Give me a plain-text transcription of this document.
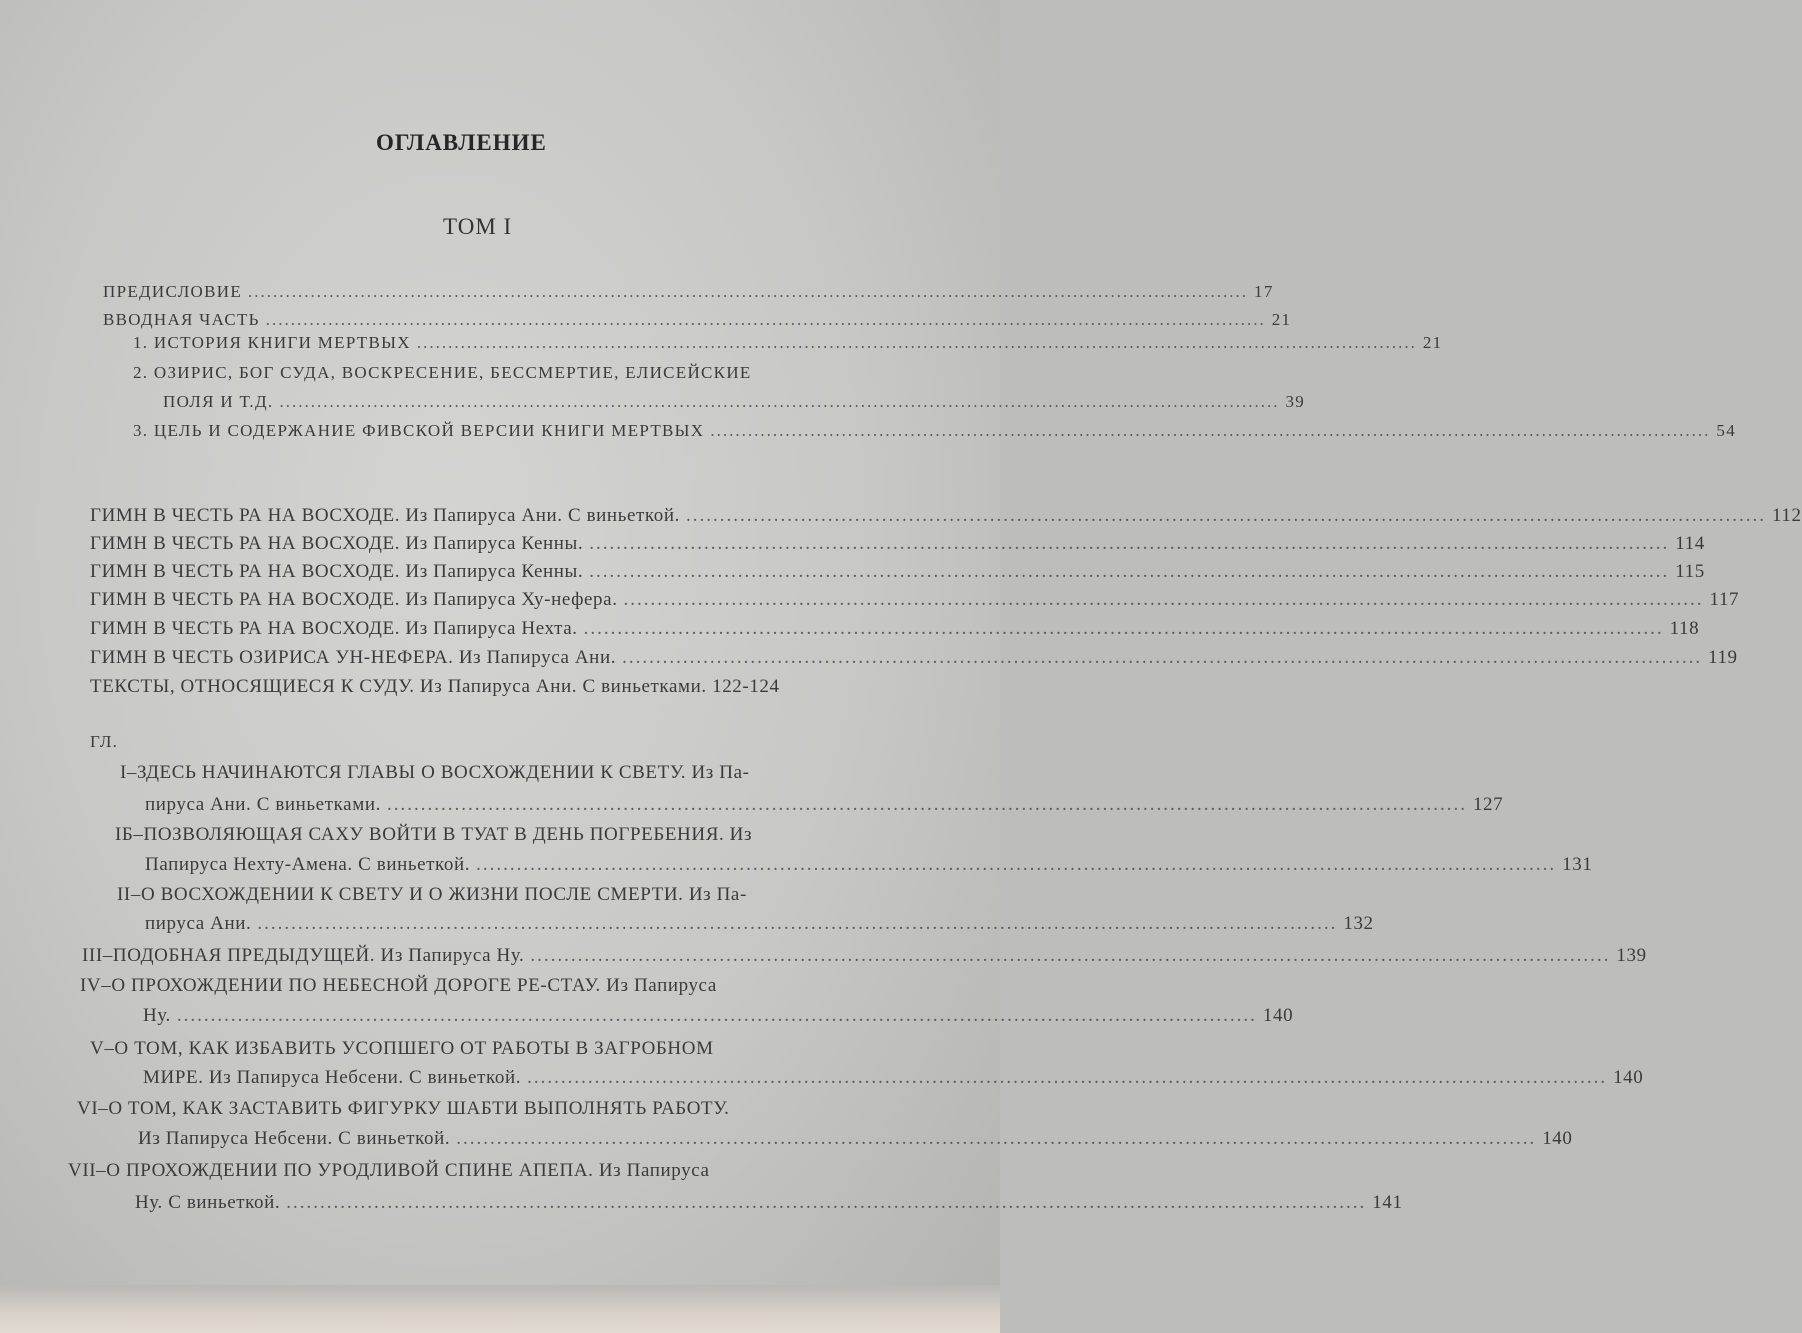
ОГЛАВЛЕНИЕ
ТОМ I
ПРЕДИСЛОВИЕ ................................................................................................................................................................ 17
ВВОДНАЯ ЧАСТЬ ................................................................................................................................................................ 21
1. ИСТОРИЯ КНИГИ МЕРТВЫХ ................................................................................................................................................................ 21
2. ОЗИРИС, БОГ СУДА, ВОСКРЕСЕНИЕ, БЕССМЕРТИЕ, ЕЛИСЕЙСКИЕ
ПОЛЯ И Т.Д. ................................................................................................................................................................ 39
3. ЦЕЛЬ И СОДЕРЖАНИЕ ФИВСКОЙ ВЕРСИИ КНИГИ МЕРТВЫХ ................................................................................................................................................................ 54
ГИМН В ЧЕСТЬ РА НА ВОСХОДЕ. Из Папируса Ани. С виньеткой. ................................................................................................................................................................ 112
ГИМН В ЧЕСТЬ РА НА ВОСХОДЕ. Из Папируса Кенны. ................................................................................................................................................................ 114
ГИМН В ЧЕСТЬ РА НА ВОСХОДЕ. Из Папируса Кенны. ................................................................................................................................................................ 115
ГИМН В ЧЕСТЬ РА НА ВОСХОДЕ. Из Папируса Ху-нефера. ................................................................................................................................................................ 117
ГИМН В ЧЕСТЬ РА НА ВОСХОДЕ. Из Папируса Нехта. ................................................................................................................................................................ 118
ГИМН В ЧЕСТЬ ОЗИРИСА УН-НЕФЕРА. Из Папируса Ани. ................................................................................................................................................................ 119
ТЕКСТЫ, ОТНОСЯЩИЕСЯ К СУДУ. Из Папируса Ани. С виньетками. 122-124
ГЛ.
I–ЗДЕСЬ НАЧИНАЮТСЯ ГЛАВЫ О ВОСХОЖДЕНИИ К СВЕТУ. Из Па-
пируса Ани. С виньетками. ................................................................................................................................................................ 127
IБ–ПОЗВОЛЯЮЩАЯ САХУ ВОЙТИ В ТУАТ В ДЕНЬ ПОГРЕБЕНИЯ. Из
Папируса Нехту-Амена. С виньеткой. ................................................................................................................................................................ 131
II–О ВОСХОЖДЕНИИ К СВЕТУ И О ЖИЗНИ ПОСЛЕ СМЕРТИ. Из Па-
пируса Ани. ................................................................................................................................................................ 132
III–ПОДОБНАЯ ПРЕДЫДУЩЕЙ. Из Папируса Ну. ................................................................................................................................................................ 139
IV–О ПРОХОЖДЕНИИ ПО НЕБЕСНОЙ ДОРОГЕ РЕ-СТАУ. Из Папируса
Ну. ................................................................................................................................................................ 140
V–О ТОМ, КАК ИЗБАВИТЬ УСОПШЕГО ОТ РАБОТЫ В ЗАГРОБНОМ
МИРЕ. Из Папируса Небсени. С виньеткой. ................................................................................................................................................................ 140
VI–О ТОМ, КАК ЗАСТАВИТЬ ФИГУРКУ ШАБТИ ВЫПОЛНЯТЬ РАБОТУ.
Из Папируса Небсени. С виньеткой. ................................................................................................................................................................ 140
VII–О ПРОХОЖДЕНИИ ПО УРОДЛИВОЙ СПИНЕ АПЕПА. Из Папируса
Ну. С виньеткой. ................................................................................................................................................................ 141
